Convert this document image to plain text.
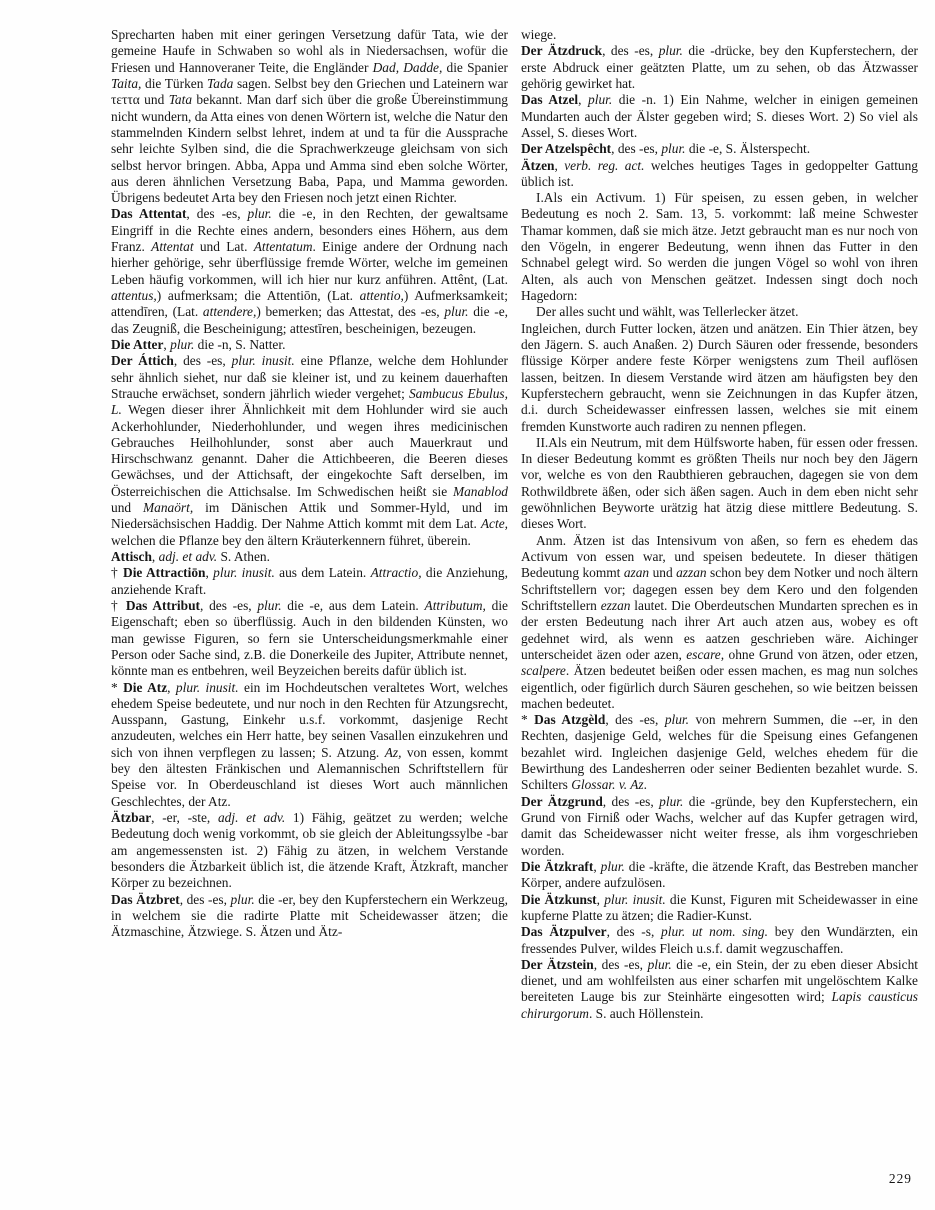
Sprecharten haben mit einer geringen Versetzung dafür Tata, wie der gemeine Haufe in Schwaben so wohl als in Niedersachsen, wofür die Friesen und Hannoveraner Teite, die Engländer Dad, Dadde, die Spanier Taita, die Türken Tada sagen. Selbst bey den Griechen und Lateinern war τεττα und Tata bekannt. Man darf sich über die große Übereinstimmung nicht wundern, da Atta eines von denen Wörtern ist, welche die Natur den stammelnden Kindern selbst lehret, indem at und ta für die Aussprache sehr leichte Sylben sind, die die Sprachwerkzeuge gleichsam von sich selbst hervor bringen. Abba, Appa und Amma sind eben solche Wörter, aus deren ähnlichen Versetzung Baba, Papa, und Mamma geworden. Übrigens bedeutet Arta bey den Friesen noch jetzt einen Richter.

Das Attentat, des -es, plur. die -e, in den Rechten, der gewaltsame Eingriff in die Rechte eines andern, besonders eines Höhern, aus dem Franz. Attentat und Lat. Attentatum. Einige andere der Ordnung nach hierher gehörige, sehr überflüssige fremde Wörter, welche im gemeinen Leben häufig vorkommen, will ich hier nur kurz anführen. Attênt, (Lat. attentus,) aufmerksam; die Attentiōn, (Lat. attentio,) Aufmerksamkeit; attendīren, (Lat. attendere,) bemerken; das Attestat, des -es, plur. die -e, das Zeugniß, die Bescheinigung; attestīren, bescheinigen, bezeugen.

Die Atter, plur. die -n, S. Natter.

Der Áttich, des -es, plur. inusit. eine Pflanze, welche dem Hohlunder sehr ähnlich siehet, nur daß sie kleiner ist, und zu keinem dauerhaften Strauche erwächset, sondern jährlich wieder vergehet; Sambucus Ebulus, L. Wegen dieser ihrer Ähnlichkeit mit dem Hohlunder wird sie auch Ackerhohlunder, Niederhohlunder, und wegen ihres medicinischen Gebrauches Heilhohlunder, sonst aber auch Mauerkraut und Hirschschwanz genannt. Daher die Attichbeeren, die Beeren dieses Gewächses, und der Attichsaft, der eingekochte Saft derselben, im Österreichischen die Attichsalse. Im Schwedischen heißt sie Manablod und Manaört, im Dänischen Attik und Sommer-Hyld, und im Niedersächsischen Haddig. Der Nahme Attich kommt mit dem Lat. Acte, welchen die Pflanze bey den ältern Kräuterkennern führet, überein.

Attisch, adj. et adv. S. Athen.

† Die Attractiōn, plur. inusit. aus dem Latein. Attractio, die Anziehung, anziehende Kraft.

† Das Attribut, des -es, plur. die -e, aus dem Latein. Attributum, die Eigenschaft; eben so überflüssig. Auch in den bildenden Künsten, wo man gewisse Figuren, so fern sie Unterscheidungsmerkmahle einer Person oder Sache sind, z.B. die Donerkeile des Jupiter, Attribute nennet, könnte man es entbehren, weil Beyzeichen bereits dafür üblich ist.

* Die Atz, plur. inusit. ein im Hochdeutschen veraltetes Wort, welches ehedem Speise bedeutete, und nur noch in den Rechten für Atzungsrecht, Ausspann, Gastung, Einkehr u.s.f. vorkommt, dasjenige Recht anzudeuten, welches ein Herr hatte, bey seinen Vasallen einzukehren und sich von ihnen verpflegen zu lassen; S. Atzung. Az, von essen, kommt bey den ältesten Fränkischen und Alemannischen Schriftstellern für Speise vor. In Oberdeuschland ist dieses Wort auch männlichen Geschlechtes, der Atz.

Ätzbar, -er, -ste, adj. et adv. 1) Fähig, geätzet zu werden; welche Bedeutung doch wenig vorkommt, ob sie gleich der Ableitungssylbe -bar am angemessensten ist. 2) Fähig zu ätzen, in welchem Verstande besonders die Ätzbarkeit üblich ist, die ätzende Kraft, Ätzkraft, mancher Körper zu bezeichnen.

Das Ätzbret, des -es, plur. die -er, bey den Kupferstechern ein Werkzeug, in welchem sie die radirte Platte mit Scheidewasser ätzen; die Ätzmaschine, Ätzwiege. S. Ätzen und Ätz-

wiege.

Der Ätzdruck, des -es, plur. die -drücke, bey den Kupferstechern, der erste Abdruck einer geätzten Platte, um zu sehen, ob das Ätzwasser gehörig gewirket hat.

Das Atzel, plur. die -n. 1) Ein Nahme, welcher in einigen gemeinen Mundarten auch der Älster gegeben wird; S. dieses Wort. 2) So viel als Assel, S. dieses Wort.

Der Atzelspêcht, des -es, plur. die -e, S. Älsterspecht.

Ätzen, verb. reg. act. welches heutiges Tages in gedoppelter Gattung üblich ist.

I.Als ein Activum. 1) Für speisen, zu essen geben, in welcher Bedeutung es noch 2. Sam. 13, 5. vorkommt: laß meine Schwester Thamar kommen, daß sie mich ätze. Jetzt gebraucht man es nur noch von den Vögeln, in engerer Bedeutung, wenn ihnen das Futter in den Schnabel gelegt wird. So werden die jungen Vögel so wohl von ihren Alten, als auch von Menschen geätzet. Indessen singt doch noch Hagedorn:

Der alles sucht und wählt, was Tellerlecker ätzet.

Ingleichen, durch Futter locken, ätzen und anätzen. Ein Thier ätzen, bey den Jägern. S. auch Anaßen. 2) Durch Säuren oder fressende, besonders flüssige Körper andere feste Körper wenigstens zum Theil auflösen lassen, beitzen. In diesem Verstande wird ätzen am häufigsten bey den Kupferstechern gebraucht, wenn sie Zeichnungen in das Kupfer ätzen, d.i. durch Scheidewasser einfressen lassen, welches sie mit einem fremden Kunstworte auch radiren zu nennen pflegen.

II.Als ein Neutrum, mit dem Hülfsworte haben, für essen oder fressen. In dieser Bedeutung kommt es größten Theils nur noch bey den Jägern vor, welche es von den Raubthieren gebrauchen, dagegen sie von dem Rothwildbrete äßen, oder sich äßen sagen. Auch in dem eben nicht sehr gewöhnlichen Beyworte urätzig hat ätzig diese mittlere Bedeutung. S. dieses Wort.

Anm. Ätzen ist das Intensivum von aßen, so fern es ehedem das Activum von essen war, und speisen bedeutete. In dieser thätigen Bedeutung kommt azan und azzan schon bey dem Notker und noch ältern Schriftstellern vor; dagegen essen bey dem Kero und den folgenden Schriftstellern ezzan lautet. Die Oberdeutschen Mundarten sprechen es in der ersten Bedeutung nach ihrer Art auch atzen aus, wobey es oft gedehnet wird, als wenn es aatzen geschrieben wäre. Aichinger unterscheidet äzen oder azen, escare, ohne Grund von ätzen, oder etzen, scalpere. Ätzen bedeutet beißen oder essen machen, es mag nun solches eigentlich, oder figürlich durch Säuren geschehen, so wie beitzen beissen machen bedeutet.

* Das Atzgèld, des -es, plur. von mehrern Summen, die --er, in den Rechten, dasjenige Geld, welches für die Speisung eines Gefangenen bezahlet wird. Ingleichen dasjenige Geld, welches ehedem für die Bewirthung des Landesherren oder seiner Bedienten bezahlet wurde. S. Schilters Glossar. v. Az.

Der Ätzgrund, des -es, plur. die -gründe, bey den Kupferstechern, ein Grund von Firniß oder Wachs, welcher auf das Kupfer getragen wird, damit das Scheidewasser nicht weiter fresse, als ihm vorgeschrieben worden.

Die Ätzkraft, plur. die -kräfte, die ätzende Kraft, das Bestreben mancher Körper, andere aufzulösen.

Die Ätzkunst, plur. inusit. die Kunst, Figuren mit Scheidewasser in eine kupferne Platte zu ätzen; die Radier-Kunst.

Das Ätzpulver, des -s, plur. ut nom. sing. bey den Wundärzten, ein fressendes Pulver, wildes Fleich u.s.f. damit wegzuschaffen.

Der Ätzstein, des -es, plur. die -e, ein Stein, der zu eben dieser Absicht dienet, und am wohlfeilsten aus einer scharfen mit ungelöschtem Kalke bereiteten Lauge bis zur Steinhärte eingesotten wird; Lapis causticus chirurgorum. S. auch Höllenstein.

229
